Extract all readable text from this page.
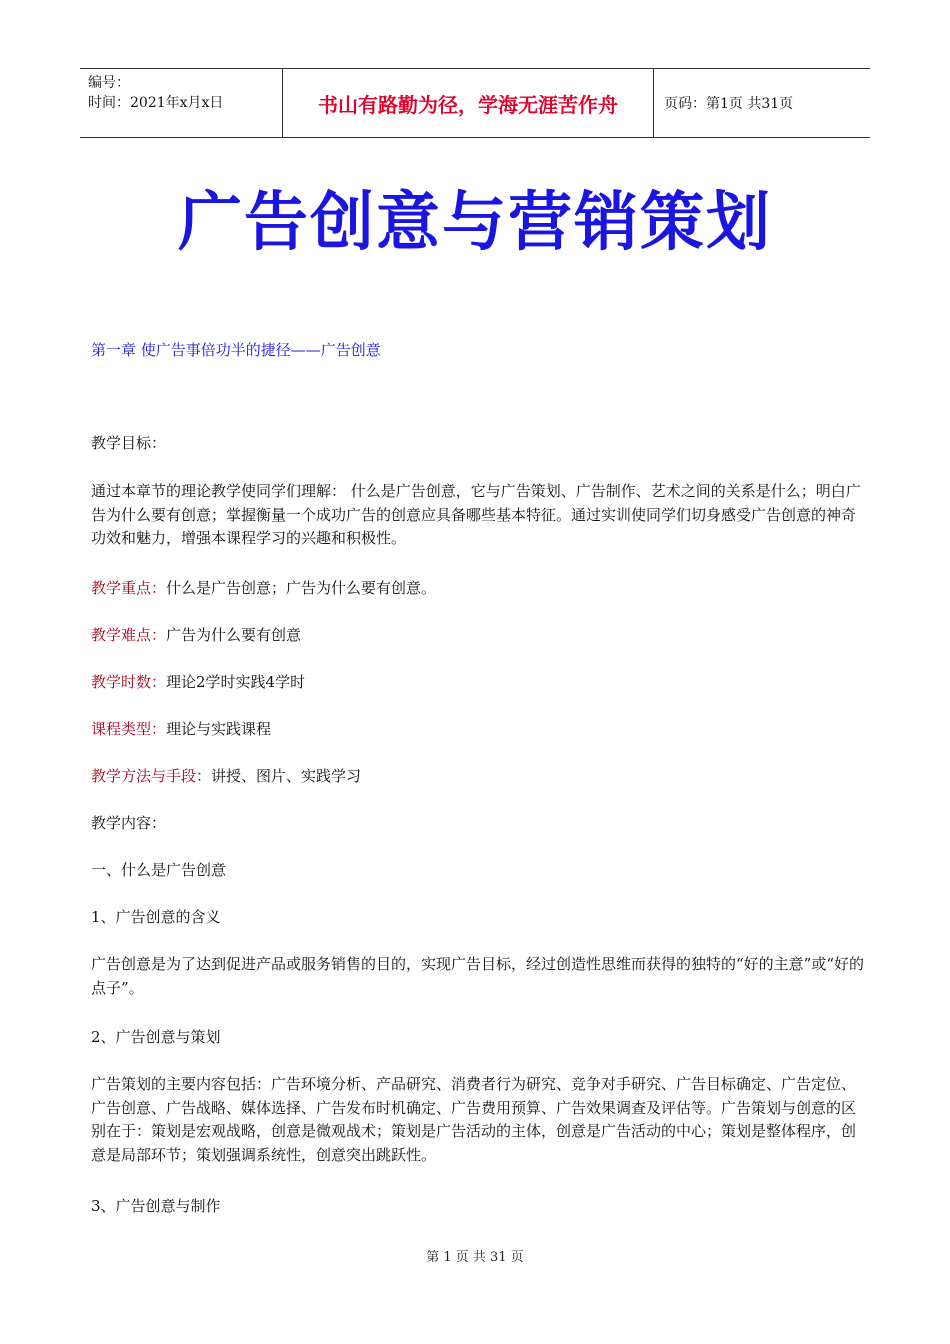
编号：
时间：2021年x月x日	书山有路勤为径，学海无涯苦作舟	页码：第1页 共31页
广告创意与营销策划
第一章 使广告事倍功半的捷径——广告创意

教学目标：

通过本章节的理论教学使同学们理解： 什么是广告创意，它与广告策划、广告制作、艺术之间的关系是什么；明白广告为什么要有创意；掌握衡量一个成功广告的创意应具备哪些基本特征。通过实训使同学们切身感受广告创意的神奇功效和魅力，增强本课程学习的兴趣和积极性。

教学重点：什么是广告创意；广告为什么要有创意。

教学难点：广告为什么要有创意

教学时数：理论2学时实践4学时

课程类型：理论与实践课程

教学方法与手段：讲授、图片、实践学习

教学内容：

一、什么是广告创意

1、广告创意的含义

广告创意是为了达到促进产品或服务销售的目的，实现广告目标，经过创造性思维而获得的独特的“好的主意”或“好的点子”。

2、广告创意与策划

广告策划的主要内容包括：广告环境分析、产品研究、消费者行为研究、竞争对手研究、广告目标确定、广告定位、广告创意、广告战略、媒体选择、广告发布时机确定、广告费用预算、广告效果调查及评估等。广告策划与创意的区别在于：策划是宏观战略，创意是微观战术；策划是广告活动的主体，创意是广告活动的中心；策划是整体程序，创意是局部环节；策划强调系统性，创意突出跳跃性。

3、广告创意与制作

第 1 页 共 31 页
